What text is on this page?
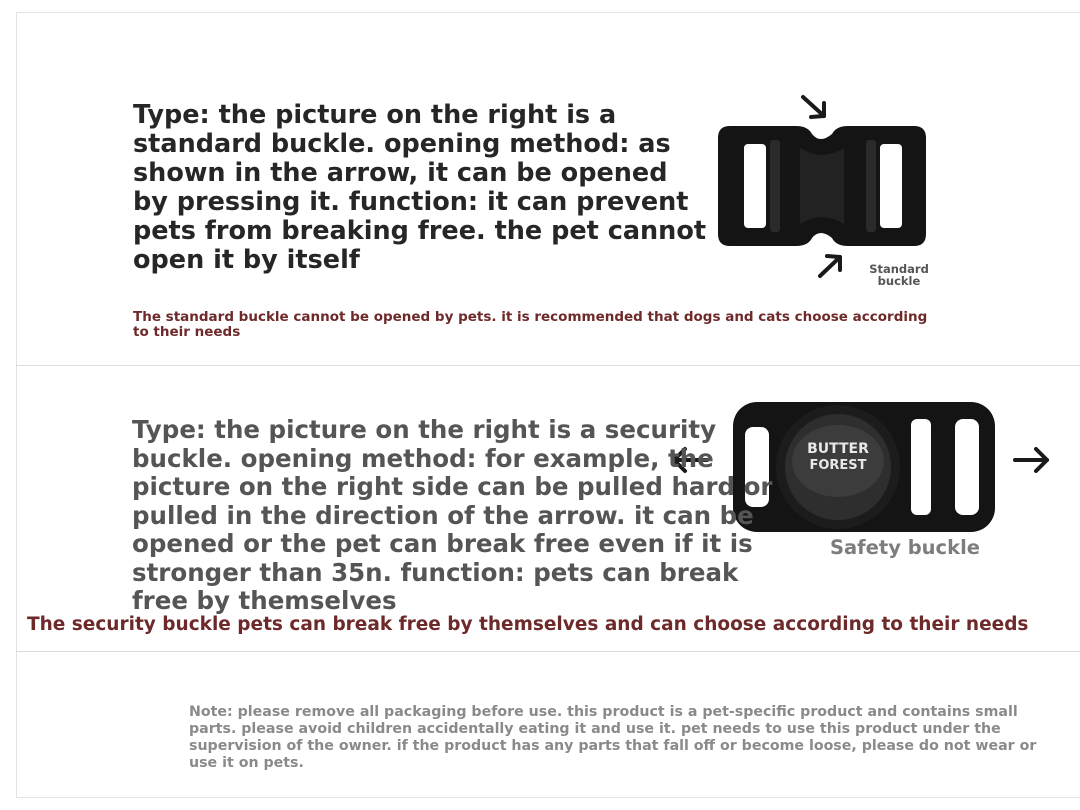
Type: the picture on the right is a standard buckle. opening method: as shown in the arrow, it can be opened by pressing it. function: it can prevent pets from breaking free. the pet cannot open it by itself

The standard buckle cannot be opened by pets. it is recommended that dogs and cats choose according to their needs

Standard buckle
BUTTER
FOREST

Type: the picture on the right is a security buckle. opening method: for example, the picture on the right side can be pulled hard or pulled in the direction of the arrow. it can be opened or the pet can break free even if it is stronger than 35n. function: pets can break free by themselves

Safety buckle

The security buckle pets can break free by themselves and can choose according to their needs

Note: please remove all packaging before use. this product is a pet-specific product and contains small parts. please avoid children accidentally eating it and use it. pet needs to use this product under the supervision of the owner. if the product has any parts that fall off or become loose, please do not wear or use it on pets.
